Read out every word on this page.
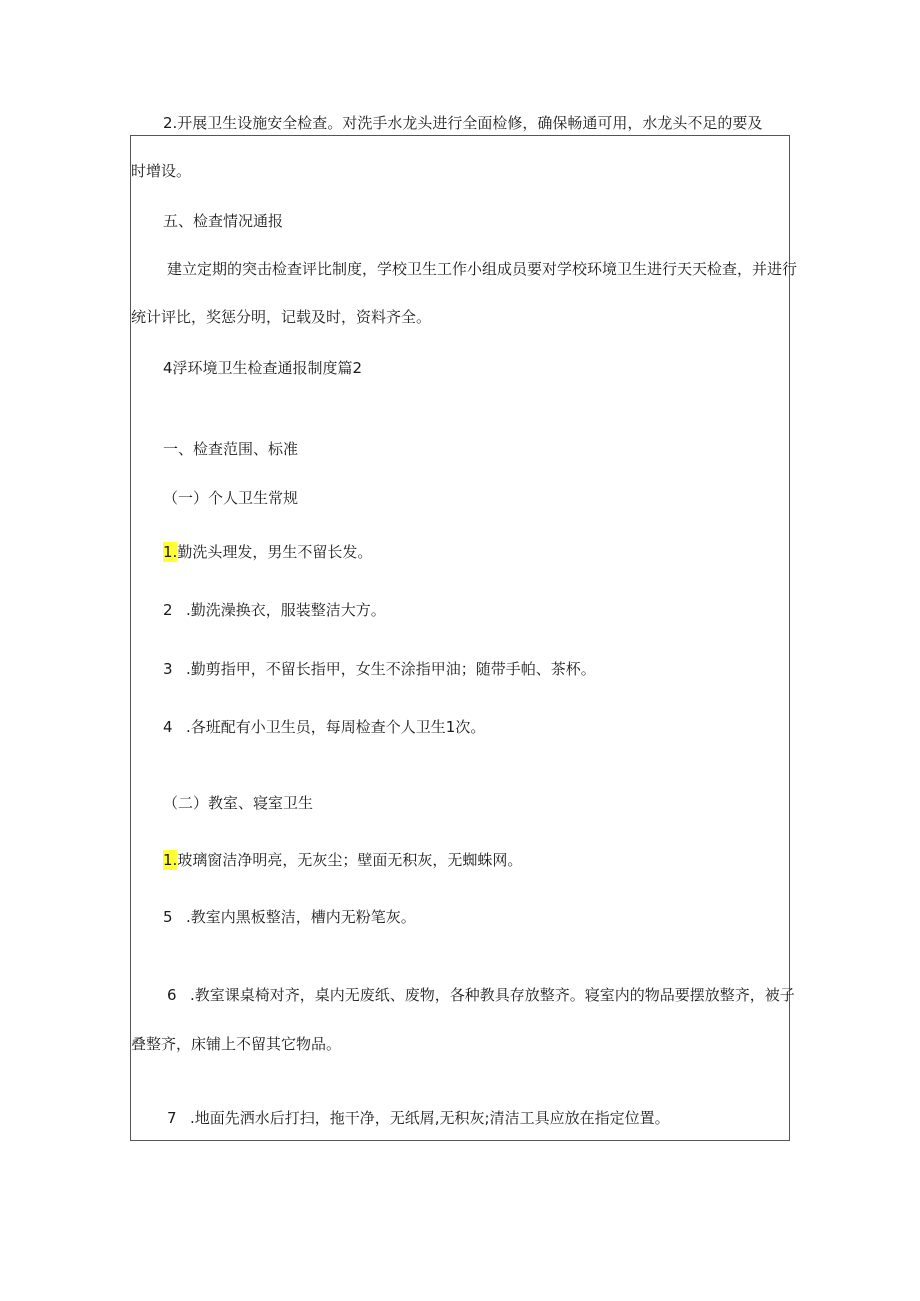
2.开展卫生设施安全检查。对洗手水龙头进行全面检修，确保畅通可用，水龙头不足的要及
时增设。
五、检查情况通报
建立定期的突击检查评比制度，学校卫生工作小组成员要对学校环境卫生进行天天检查，并进行
统计评比，奖惩分明，记载及时，资料齐全。
4浮环境卫生检查通报制度篇2
一、检查范围、标准
（一）个人卫生常规
1.勤洗头理发，男生不留长发。
2 .勤洗澡换衣，服装整洁大方。
3 .勤剪指甲，不留长指甲，女生不涂指甲油；随带手帕、茶杯。
4 .各班配有小卫生员，每周检查个人卫生1次。
（二）教室、寝室卫生
1.玻璃窗洁净明亮，无灰尘；壁面无积灰，无蜘蛛网。
5 .教室内黑板整洁，槽内无粉笔灰。
6 .教室课桌椅对齐，桌内无废纸、废物，各种教具存放整齐。寝室内的物品要摆放整齐，被子
叠整齐，床铺上不留其它物品。
7 .地面先洒水后打扫，拖干净，无纸屑,无积灰;清洁工具应放在指定位置。
